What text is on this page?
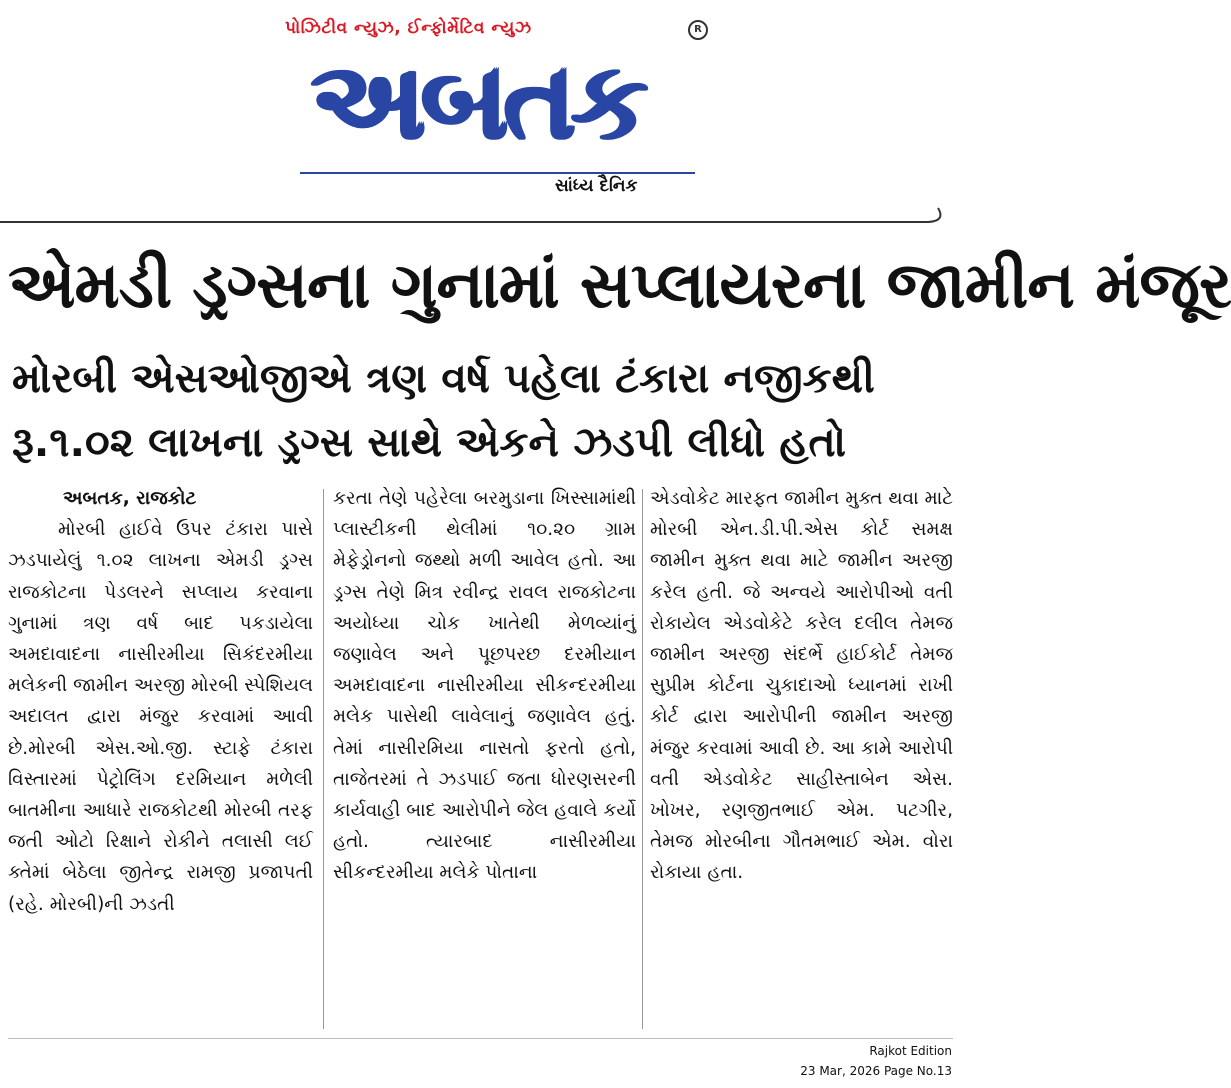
પોઝિટીવ ન્યુઝ, ઈન્ફોર્મેટિવ ન્યુઝ	R
અબતક
સાંધ્ય દૈનિક
એમડી ડ્રગ્સના ગુનામાં સપ્લાયરના જામીન મંજૂર
મોરબી એસઓજીએ ત્રણ વર્ષ પહેલા ટંકારા નજીકથી
રૂ.૧.૦૨ લાખના ડ્રગ્સ સાથે એકને ઝડપી લીધો હતો
અબતક, રાજકોટ

મોરબી હાઈવે ઉપર ટંકારા પાસે ઝડપાયેલું ૧.૦૨ લાખના એમડી ડ્રગ્સ રાજકોટના પેડલરને સપ્લાય કરવાના ગુનામાં ત્રણ વર્ષ બાદ પકડાયેલા અમદાવાદના નાસીરમીયા સિકંદરમીયા મલેકની જામીન અરજી મોરબી સ્પેશિયલ અદાલત દ્વારા મંજુર કરવામાં આવી છે.મોરબી એસ.ઓ.જી. સ્ટાફે ટંકારા વિસ્તારમાં પેટ્રોલિંગ દરમિયાન મળેલી બાતમીના આધારે રાજકોટથી મોરબી તરફ જતી ઓટો રિક્ષાને રોકીને તલાસી લઈ ક્તેમાં બેઠેલા જીતેન્દ્ર રામજી પ્રજાપતી (રહે. મોરબી)ની ઝડતી

કરતા તેણે પહેરેલા બરમુડાના ખિસ્સામાંથી પ્લાસ્ટીકની થેલીમાં ૧૦.૨૦ ગ્રામ મેફેડ્રોનનો જથ્થો મળી આવેલ હતો. આ ડ્રગ્સ તેણે મિત્ર રવીન્દ્ર રાવલ રાજકોટના અયોધ્યા ચોક ખાતેથી મેળવ્યાંનું જણાવેલ અને પૂછપરછ દરમીયાન અમદાવાદના નાસીરમીયા સીકન્દરમીયા મલેક પાસેથી લાવેલાનું જણાવેલ હતું. તેમાં નાસીરમિયા નાસતો ફરતો હતો, તાજેતરમાં તે ઝડપાઈ જતા ધોરણસરની કાર્યવાહી બાદ આરોપીને જેલ હવાલે કર્યો હતો. ત્યારબાદ નાસીરમીયા સીકન્દરમીયા મલેકે પોતાના

એડવોકેટ મારફત જામીન મુક્ત થવા માટે મોરબી એન.ડી.પી.એસ કોર્ટ સમક્ષ જામીન મુક્ત થવા માટે જામીન અરજી કરેલ હતી. જે અન્વયે આરોપીઓ વતી રોકાયેલ એડવોકેટે કરેલ દલીલ તેમજ જામીન અરજી સંદર્ભે હાઈકોર્ટ તેમજ સુપ્રીમ કોર્ટના ચુકાદાઓ ધ્યાનમાં રાખી કોર્ટ દ્વારા આરોપીની જામીન અરજી મંજુર કરવામાં આવી છે. આ કામે આરોપી વતી એડવોકેટ સાહીસ્તાબેન એસ. ખોખર, રણજીતભાઈ એમ. પટગીર, તેમજ મોરબીના ગૌતમભાઈ એમ. વોરા રોકાયા હતા.

Rajkot Edition
23 Mar, 2026 Page No.13
